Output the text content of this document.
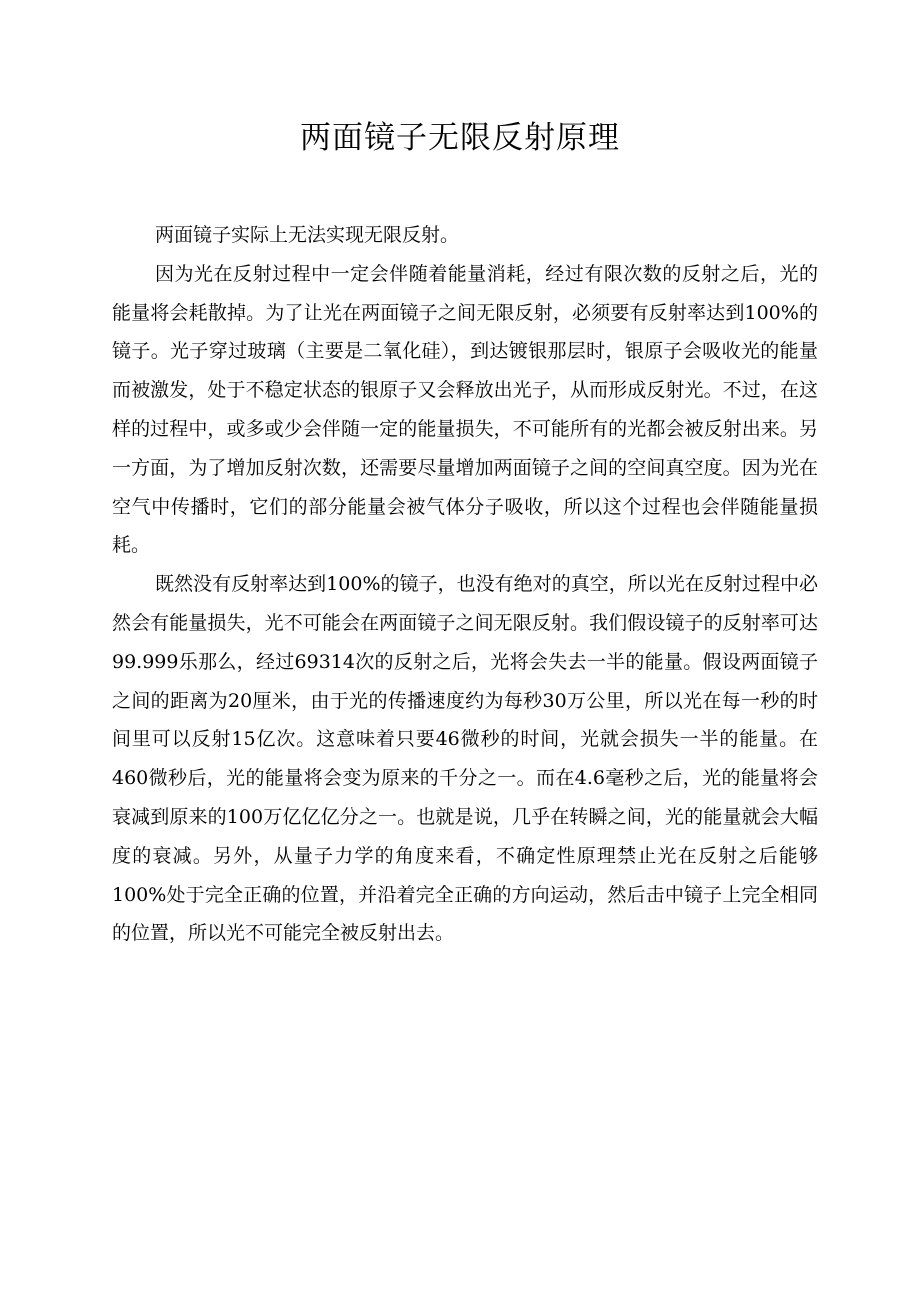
两面镜子无限反射原理

两面镜子实际上无法实现无限反射。

因为光在反射过程中一定会伴随着能量消耗，经过有限次数的反射之后，光的能量将会耗散掉。为了让光在两面镜子之间无限反射，必须要有反射率达到100%的镜子。光子穿过玻璃（主要是二氧化硅），到达镀银那层时，银原子会吸收光的能量而被激发，处于不稳定状态的银原子又会释放出光子，从而形成反射光。不过，在这样的过程中，或多或少会伴随一定的能量损失，不可能所有的光都会被反射出来。另一方面，为了增加反射次数，还需要尽量增加两面镜子之间的空间真空度。因为光在空气中传播时，它们的部分能量会被气体分子吸收，所以这个过程也会伴随能量损耗。

既然没有反射率达到100%的镜子，也没有绝对的真空，所以光在反射过程中必然会有能量损失，光不可能会在两面镜子之间无限反射。我们假设镜子的反射率可达99.999乐那么，经过69314次的反射之后，光将会失去一半的能量。假设两面镜子之间的距离为20厘米，由于光的传播速度约为每秒30万公里，所以光在每一秒的时间里可以反射15亿次。这意味着只要46微秒的时间，光就会损失一半的能量。在460微秒后，光的能量将会变为原来的千分之一。而在4.6毫秒之后，光的能量将会衰减到原来的100万亿亿亿分之一。也就是说，几乎在转瞬之间，光的能量就会大幅度的衰减。另外，从量子力学的角度来看，不确定性原理禁止光在反射之后能够100%处于完全正确的位置，并沿着完全正确的方向运动，然后击中镜子上完全相同的位置，所以光不可能完全被反射出去。
